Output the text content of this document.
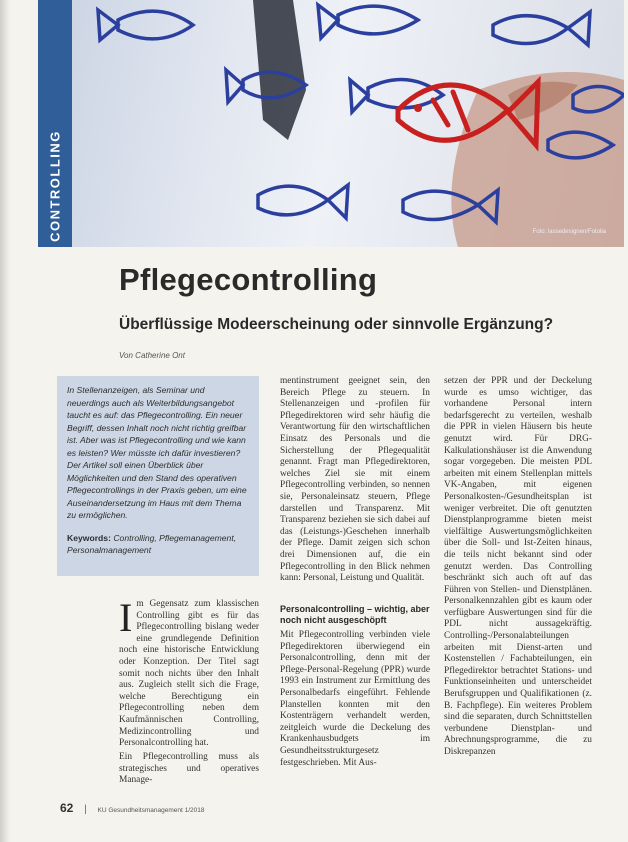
CONTROLLING	Foto: lassedesignen/Fotolia
Pflegecontrolling
Überflüssige Modeerscheinung oder sinnvolle Ergänzung?
Von Catherine Ont

In Stellenanzeigen, als Seminar und neuerdings auch als Weiterbildungsangebot taucht es auf: das Pflegecontrolling. Ein neuer Begriff, dessen Inhalt noch nicht richtig greifbar ist. Aber was ist Pflegecontrolling und wie kann es leisten? Wer müsste ich dafür investieren? Der Artikel soll einen Überblick über Möglichkeiten und den Stand des operativen Pflegecontrollings in der Praxis geben, um eine Auseinandersetzung im Haus mit dem Thema zu ermöglichen.

Keywords: Controlling, Pflegemanagement, Personalmanagement

I m Gegensatz zum klassischen Controlling gibt es für das Pflegecontrolling bislang weder eine grundlegende Definition noch eine historische Entwicklung oder Konzeption. Der Titel sagt somit noch nichts über den Inhalt aus. Zugleich stellt sich die Frage, welche Berechtigung ein Pflegecontrolling neben dem Kaufmännischen Controlling, Medizincontrolling und Personalcontrolling hat.

Ein Pflegecontrolling muss als strategisches und operatives Manage-

mentinstrument geeignet sein, den Bereich Pflege zu steuern. In Stellenanzeigen und -profilen für Pflegedirektoren wird sehr häufig die Verantwortung für den wirtschaftlichen Einsatz des Personals und die Sicherstellung der Pflegequalität genannt. Fragt man Pflegedirektoren, welches Ziel sie mit einem Pflegecontrolling verbinden, so nennen sie, Personaleinsatz steuern, Pflege darstellen und Transparenz. Mit Transparenz beziehen sie sich dabei auf das (Leistungs-)Geschehen innerhalb der Pflege. Damit zeigen sich schon drei Dimensionen auf, die ein Pflegecontrolling in den Blick nehmen kann: Personal, Leistung und Qualität.

Personalcontrolling – wichtig, aber noch nicht ausgeschöpft

Mit Pflegecontrolling verbinden viele Pflegedirektoren überwiegend ein Personalcontrolling, denn mit der Pflege-Personal-Regelung (PPR) wurde 1993 ein Instrument zur Ermittlung des Personalbedarfs eingeführt. Fehlende Planstellen konnten mit den Kostenträgern verhandelt werden, zeitgleich wurde die Deckelung des Krankenhausbudgets im Gesundheitsstrukturgesetz festgeschrieben. Mit Aus-

setzen der PPR und der Deckelung wurde es umso wichtiger, das vorhandene Personal intern bedarfsgerecht zu verteilen, weshalb die PPR in vielen Häusern bis heute genutzt wird. Für DRG-Kalkulationshäuser ist die Anwendung sogar vorgegeben. Die meisten PDL arbeiten mit einem Stellenplan mittels VK-Angaben, mit eigenen Personalkosten-/Gesundheitsplan ist weniger verbreitet. Die oft genutzten Dienstplanprogramme bieten meist vielfältige Auswertungsmöglichkeiten über die Soll- und Ist-Zeiten hinaus, die teils nicht bekannt sind oder genutzt werden. Das Controlling beschränkt sich auch oft auf das Führen von Stellen- und Dienstplänen. Personalkennzahlen gibt es kaum oder verfügbare Auswertungen sind für die PDL nicht aussagekräftig. Controlling-/Personalabteilungen arbeiten mit Dienst-arten und Kostenstellen / Fachabteilungen, ein Pflegedirektor betrachtet Stations- und Funktionseinheiten und unterscheidet Berufsgruppen und Qualifikationen (z. B. Fachpflege). Ein weiteres Problem sind die separaten, durch Schnittstellen verbundene Dienstplan- und Abrechnungsprogramme, die zu Diskrepanzen

62 | KU Gesundheitsmanagement 1/2018
